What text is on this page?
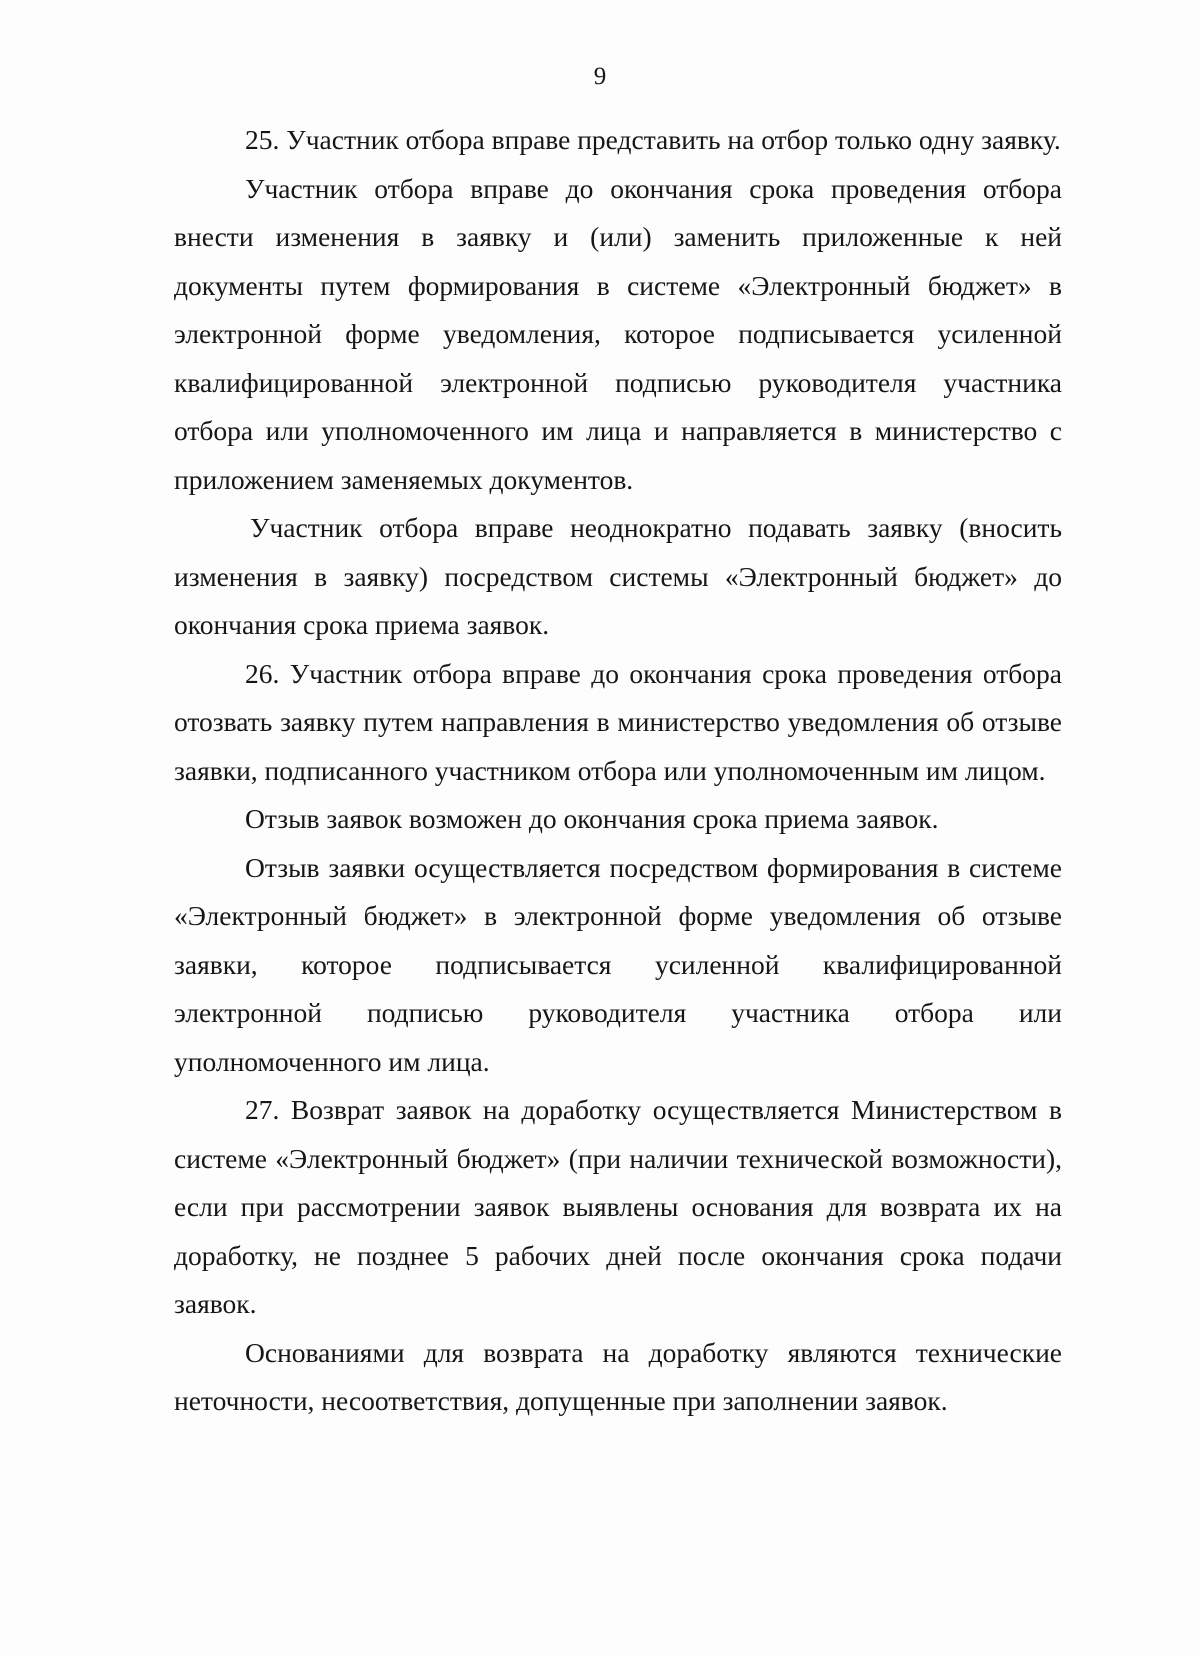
9

25. Участник отбора вправе представить на отбор только одну заявку.

Участник отбора вправе до окончания срока проведения отбора внести изменения в заявку и (или) заменить приложенные к ней документы путем формирования в системе «Электронный бюджет» в электронной форме уведомления, которое подписывается усиленной квалифицированной электронной подписью руководителя участника отбора или уполномоченного им лица и направляется в министерство с приложением заменяемых документов.

Участник отбора вправе неоднократно подавать заявку (вносить изменения в заявку) посредством системы «Электронный бюджет» до окончания срока приема заявок.

26. Участник отбора вправе до окончания срока проведения отбора отозвать заявку путем направления в министерство уведомления об отзыве заявки, подписанного участником отбора или уполномоченным им лицом.

Отзыв заявок возможен до окончания срока приема заявок.

Отзыв заявки осуществляется посредством формирования в системе «Электронный бюджет» в электронной форме уведомления об отзыве заявки, которое подписывается усиленной квалифицированной электронной подписью руководителя участника отбора или уполномоченного им лица.

27. Возврат заявок на доработку осуществляется Министерством в системе «Электронный бюджет» (при наличии технической возможности), если при рассмотрении заявок выявлены основания для возврата их на доработку, не позднее 5 рабочих дней после окончания срока подачи заявок.

Основаниями для возврата на доработку являются технические неточности, несоответствия, допущенные при заполнении заявок.
